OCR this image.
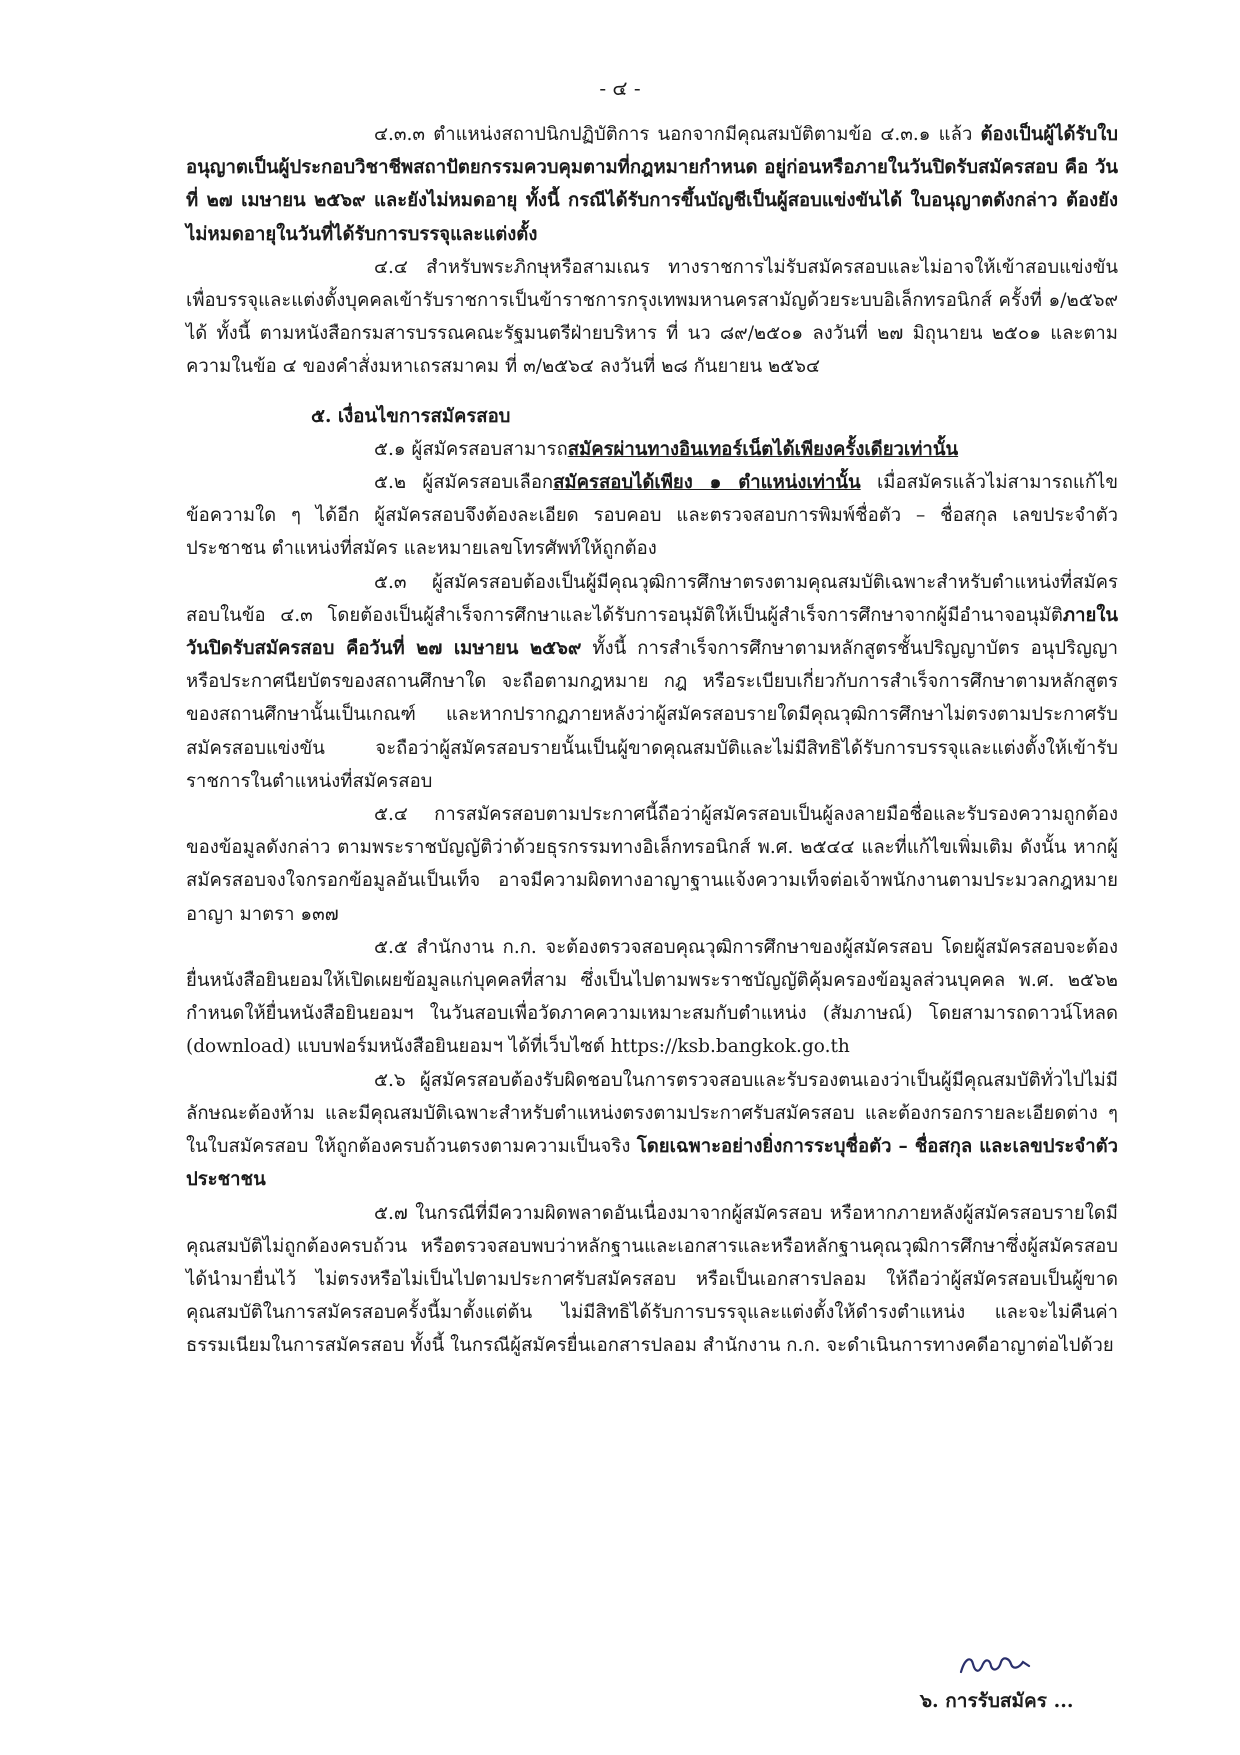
- ๔ -

๔.๓.๓ ตำแหน่งสถาปนิกปฏิบัติการ นอกจากมีคุณสมบัติตามข้อ ๔.๓.๑ แล้ว ต้องเป็นผู้ได้รับใบอนุญาตเป็นผู้ประกอบวิชาชีพสถาปัตยกรรมควบคุมตามที่กฎหมายกำหนด อยู่ก่อนหรือภายในวันปิดรับสมัครสอบ คือ วันที่ ๒๗ เมษายน ๒๕๖๙ และยังไม่หมดอายุ ทั้งนี้ กรณีได้รับการขึ้นบัญชีเป็นผู้สอบแข่งขันได้ ใบอนุญาตดังกล่าว ต้องยังไม่หมดอายุในวันที่ได้รับการบรรจุและแต่งตั้ง

๔.๔ สำหรับพระภิกษุหรือสามเณร ทางราชการไม่รับสมัครสอบและไม่อาจให้เข้าสอบแข่งขันเพื่อบรรจุและแต่งตั้งบุคคลเข้ารับราชการเป็นข้าราชการกรุงเทพมหานครสามัญด้วยระบบอิเล็กทรอนิกส์ ครั้งที่ ๑/๒๕๖๙ ได้ ทั้งนี้ ตามหนังสือกรมสารบรรณคณะรัฐมนตรีฝ่ายบริหาร ที่ นว ๘๙/๒๕๐๑ ลงวันที่ ๒๗ มิถุนายน ๒๕๐๑ และตามความในข้อ ๔ ของคำสั่งมหาเถรสมาคม ที่ ๓/๒๕๖๔ ลงวันที่ ๒๘ กันยายน ๒๕๖๔

๕. เงื่อนไขการสมัครสอบ

๕.๑ ผู้สมัครสอบสามารถสมัครผ่านทางอินเทอร์เน็ตได้เพียงครั้งเดียวเท่านั้น

๕.๒ ผู้สมัครสอบเลือกสมัครสอบได้เพียง ๑ ตำแหน่งเท่านั้น เมื่อสมัครแล้วไม่สามารถแก้ไขข้อความใด ๆ ได้อีก ผู้สมัครสอบจึงต้องละเอียด รอบคอบ และตรวจสอบการพิมพ์ชื่อตัว – ชื่อสกุล เลขประจำตัวประชาชน ตำแหน่งที่สมัคร และหมายเลขโทรศัพท์ให้ถูกต้อง

๕.๓ ผู้สมัครสอบต้องเป็นผู้มีคุณวุฒิการศึกษาตรงตามคุณสมบัติเฉพาะสำหรับตำแหน่งที่สมัครสอบในข้อ ๔.๓ โดยต้องเป็นผู้สำเร็จการศึกษาและได้รับการอนุมัติให้เป็นผู้สำเร็จการศึกษาจากผู้มีอำนาจอนุมัติภายในวันปิดรับสมัครสอบ คือวันที่ ๒๗ เมษายน ๒๕๖๙ ทั้งนี้ การสำเร็จการศึกษาตามหลักสูตรชั้นปริญญาบัตร อนุปริญญา หรือประกาศนียบัตรของสถานศึกษาใด จะถือตามกฎหมาย กฎ หรือระเบียบเกี่ยวกับการสำเร็จการศึกษาตามหลักสูตรของสถานศึกษานั้นเป็นเกณฑ์ และหากปรากฏภายหลังว่าผู้สมัครสอบรายใดมีคุณวุฒิการศึกษาไม่ตรงตามประกาศรับสมัครสอบแข่งขัน จะถือว่าผู้สมัครสอบรายนั้นเป็นผู้ขาดคุณสมบัติและไม่มีสิทธิได้รับการบรรจุและแต่งตั้งให้เข้ารับราชการในตำแหน่งที่สมัครสอบ

๕.๔ การสมัครสอบตามประกาศนี้ถือว่าผู้สมัครสอบเป็นผู้ลงลายมือชื่อและรับรองความถูกต้องของข้อมูลดังกล่าว ตามพระราชบัญญัติว่าด้วยธุรกรรมทางอิเล็กทรอนิกส์ พ.ศ. ๒๕๔๔ และที่แก้ไขเพิ่มเติม ดังนั้น หากผู้สมัครสอบจงใจกรอกข้อมูลอันเป็นเท็จ อาจมีความผิดทางอาญาฐานแจ้งความเท็จต่อเจ้าพนักงานตามประมวลกฎหมายอาญา มาตรา ๑๓๗

๕.๕ สำนักงาน ก.ก. จะต้องตรวจสอบคุณวุฒิการศึกษาของผู้สมัครสอบ โดยผู้สมัครสอบจะต้องยื่นหนังสือยินยอมให้เปิดเผยข้อมูลแก่บุคคลที่สาม ซึ่งเป็นไปตามพระราชบัญญัติคุ้มครองข้อมูลส่วนบุคคล พ.ศ. ๒๕๖๒ กำหนดให้ยื่นหนังสือยินยอมฯ ในวันสอบเพื่อวัดภาคความเหมาะสมกับตำแหน่ง (สัมภาษณ์) โดยสามารถดาวน์โหลด (download) แบบฟอร์มหนังสือยินยอมฯ ได้ที่เว็บไซต์ https://ksb.bangkok.go.th

๕.๖ ผู้สมัครสอบต้องรับผิดชอบในการตรวจสอบและรับรองตนเองว่าเป็นผู้มีคุณสมบัติทั่วไปไม่มีลักษณะต้องห้าม และมีคุณสมบัติเฉพาะสำหรับตำแหน่งตรงตามประกาศรับสมัครสอบ และต้องกรอกรายละเอียดต่าง ๆ ในใบสมัครสอบ ให้ถูกต้องครบถ้วนตรงตามความเป็นจริง โดยเฉพาะอย่างยิ่งการระบุชื่อตัว – ชื่อสกุล และเลขประจำตัวประชาชน

๕.๗ ในกรณีที่มีความผิดพลาดอันเนื่องมาจากผู้สมัครสอบ หรือหากภายหลังผู้สมัครสอบรายใดมีคุณสมบัติไม่ถูกต้องครบถ้วน หรือตรวจสอบพบว่าหลักฐานและเอกสารและหรือหลักฐานคุณวุฒิการศึกษาซึ่งผู้สมัครสอบได้นำมายื่นไว้ ไม่ตรงหรือไม่เป็นไปตามประกาศรับสมัครสอบ หรือเป็นเอกสารปลอม ให้ถือว่าผู้สมัครสอบเป็นผู้ขาดคุณสมบัติในการสมัครสอบครั้งนี้มาตั้งแต่ต้น ไม่มีสิทธิได้รับการบรรจุและแต่งตั้งให้ดำรงตำแหน่ง และจะไม่คืนค่าธรรมเนียมในการสมัครสอบ ทั้งนี้ ในกรณีผู้สมัครยื่นเอกสารปลอม สำนักงาน ก.ก. จะดำเนินการทางคดีอาญาต่อไปด้วย

๖. การรับสมัคร ...
